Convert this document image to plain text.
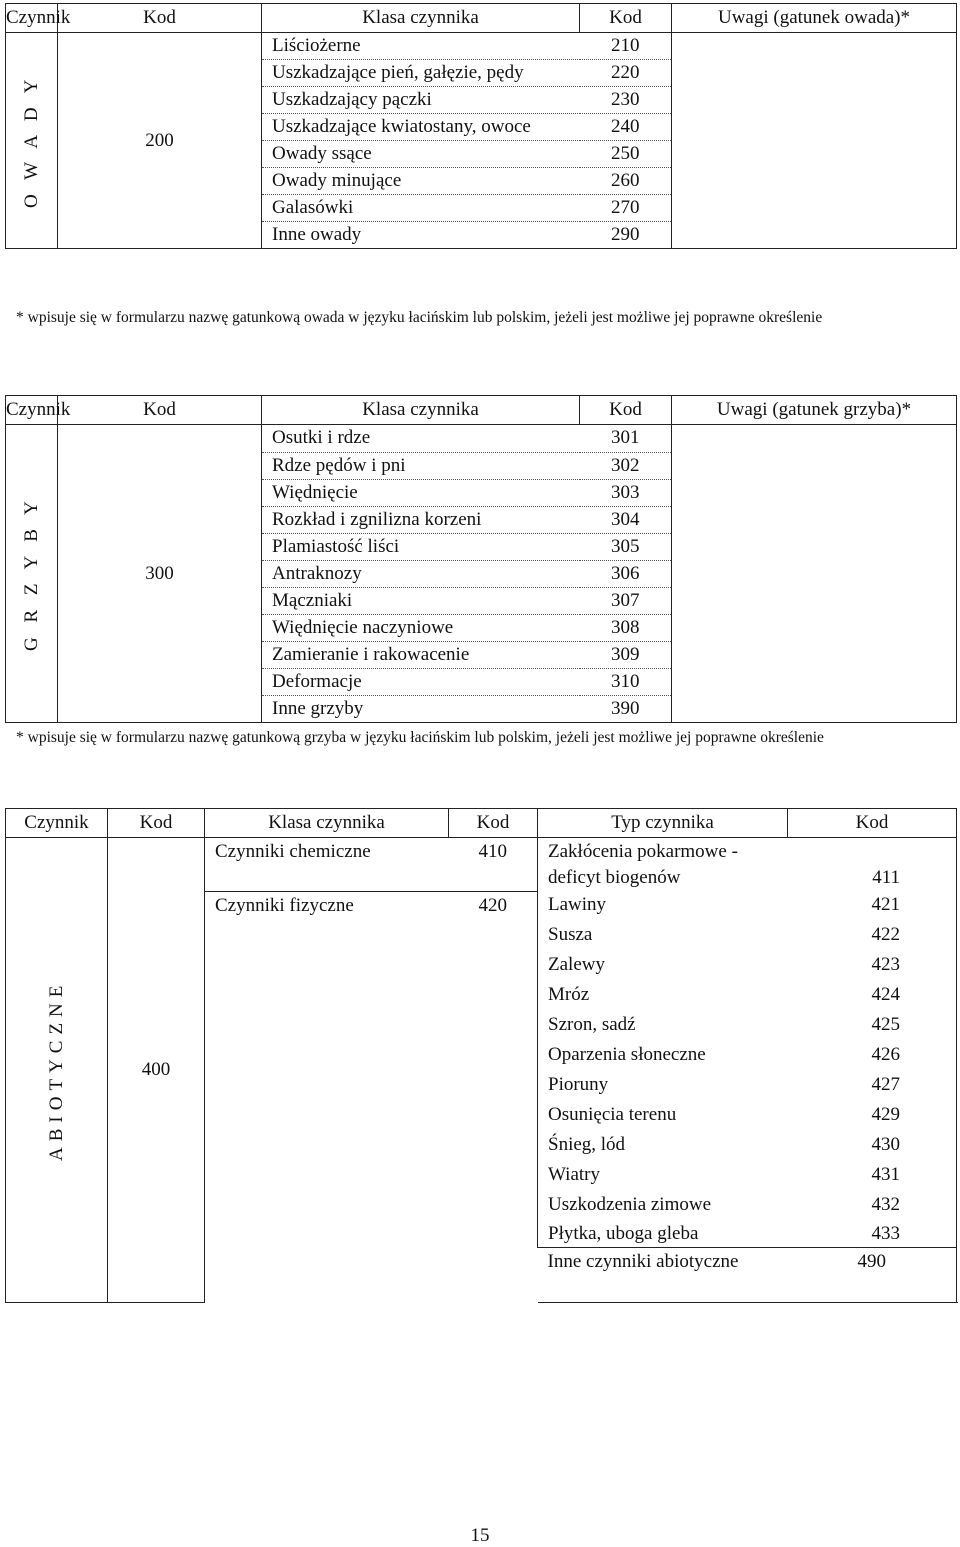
Czynnik	Kod	Klasa czynnika	Kod	Uwagi (gatunek owada)*
O W A D Y	200	Liściożerne	210	

		Uszkadzające pień, gałęzie, pędy	220	
		Uszkadzający pączki	230	

		Uszkadzające kwiatostany, owoce	240	
		Owady ssące	250	
		Owady minujące	260	
		Galasówki	270	
		Inne owady	290	
* wpisuje się w formularzu nazwę gatunkową owada w języku łacińskim lub polskim, jeżeli jest możliwe jej poprawne określenie
Czynnik	Kod	Klasa czynnika	Kod	Uwagi (gatunek grzyba)*
G R Z Y B Y	300	Osutki i rdze	301	
		Rdze pędów i pni	302	
		Więdnięcie	303	
		Rozkład i zgnilizna korzeni	304	
		Plamiastość liści	305	
		Antraknozy	306	
		Mączniaki	307	
		Więdnięcie naczyniowe	308	
		Zamieranie i rakowacenie	309	
		Deformacje	310	
		Inne grzyby	390	
* wpisuje się w formularzu nazwę gatunkową grzyba w języku łacińskim lub polskim, jeżeli jest możliwe jej poprawne określenie
Czynnik	Kod	Klasa czynnika	Kod	Typ czynnika	Kod	
ABIOTYCZNE	400	Czynniki chemiczne	410	Zakłócenia pokarmowe - deficyt biogenów	411	
		Czynniki fizyczne	420	Lawiny	421	
				Susza	422	
				Zalewy	423	
				Mróz	424	
				Szron, sadź	425	
				Oparzenia słoneczne	426	
				Pioruny	427	
				Osunięcia terenu	429	
				Śnieg, lód	430	
				Wiatry	431	
				Uszkodzenia zimowe	432	
				Płytka, uboga gleba	433	

				Inne czynniki abiotyczne	490	
15
